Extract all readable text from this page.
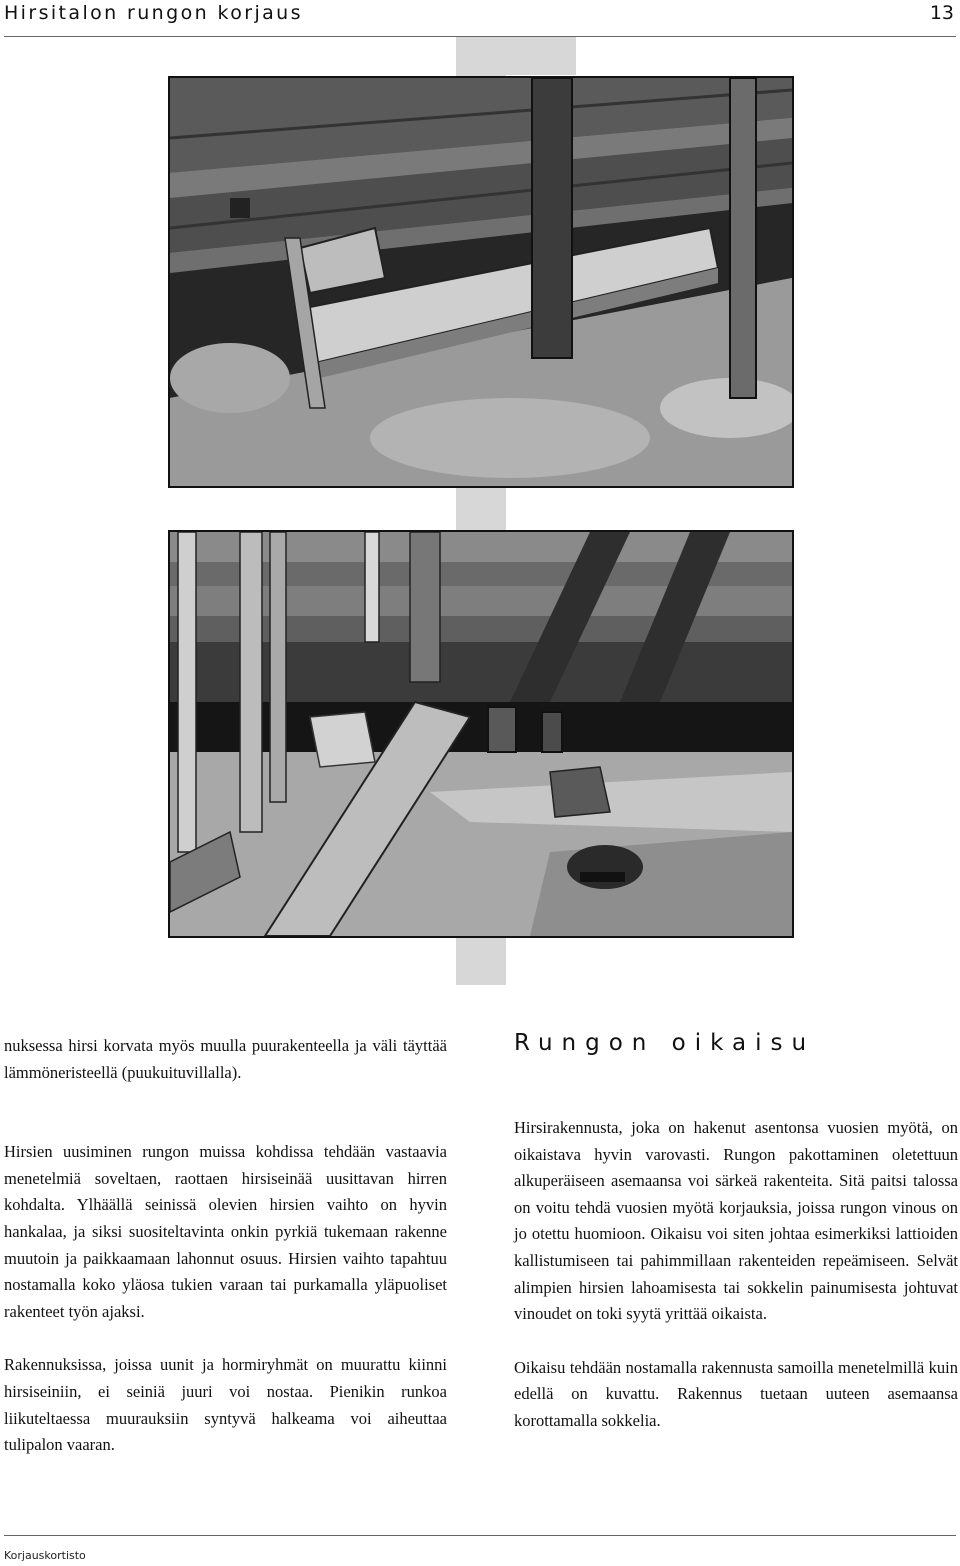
Hirsitalon rungon korjaus	13

nuksessa hirsi korvata myös muulla puurakenteella ja väli täyttää lämmöneristeellä (puukuituvillalla).

Hirsien uusiminen rungon muissa kohdissa tehdään vastaavia menetelmiä soveltaen, raottaen hirsiseinää uusittavan hirren kohdalta. Ylhäällä seinissä olevien hirsien vaihto on hyvin hankalaa, ja siksi suositeltavinta onkin pyrkiä tukemaan rakenne muutoin ja paikkaamaan lahonnut osuus. Hirsien vaihto tapahtuu nostamalla koko yläosa tukien varaan tai purkamalla yläpuoliset rakenteet työn ajaksi.

Rakennuksissa, joissa uunit ja hormiryhmät on muurattu kiinni hirsiseiniin, ei seiniä juuri voi nostaa. Pienikin runkoa liikuteltaessa muurauksiin syntyvä halkeama voi aiheuttaa tulipalon vaaran.

Rungon oikaisu

Hirsirakennusta, joka on hakenut asentonsa vuosien myötä, on oikaistava hyvin varovasti. Rungon pakottaminen oletettuun alkuperäiseen asemaansa voi särkeä rakenteita. Sitä paitsi talossa on voitu tehdä vuosien myötä korjauksia, joissa rungon vinous on jo otettu huomioon. Oikaisu voi siten johtaa esimerkiksi lattioiden kallistumiseen tai pahimmillaan rakenteiden repeämiseen. Selvät alimpien hirsien lahoamisesta tai sokkelin painumisesta johtuvat vinoudet on toki syytä yrittää oikaista.

Oikaisu tehdään nostamalla rakennusta samoilla menetelmillä kuin edellä on kuvattu. Rakennus tuetaan uuteen asemaansa korottamalla sokkelia.

Korjauskortisto
